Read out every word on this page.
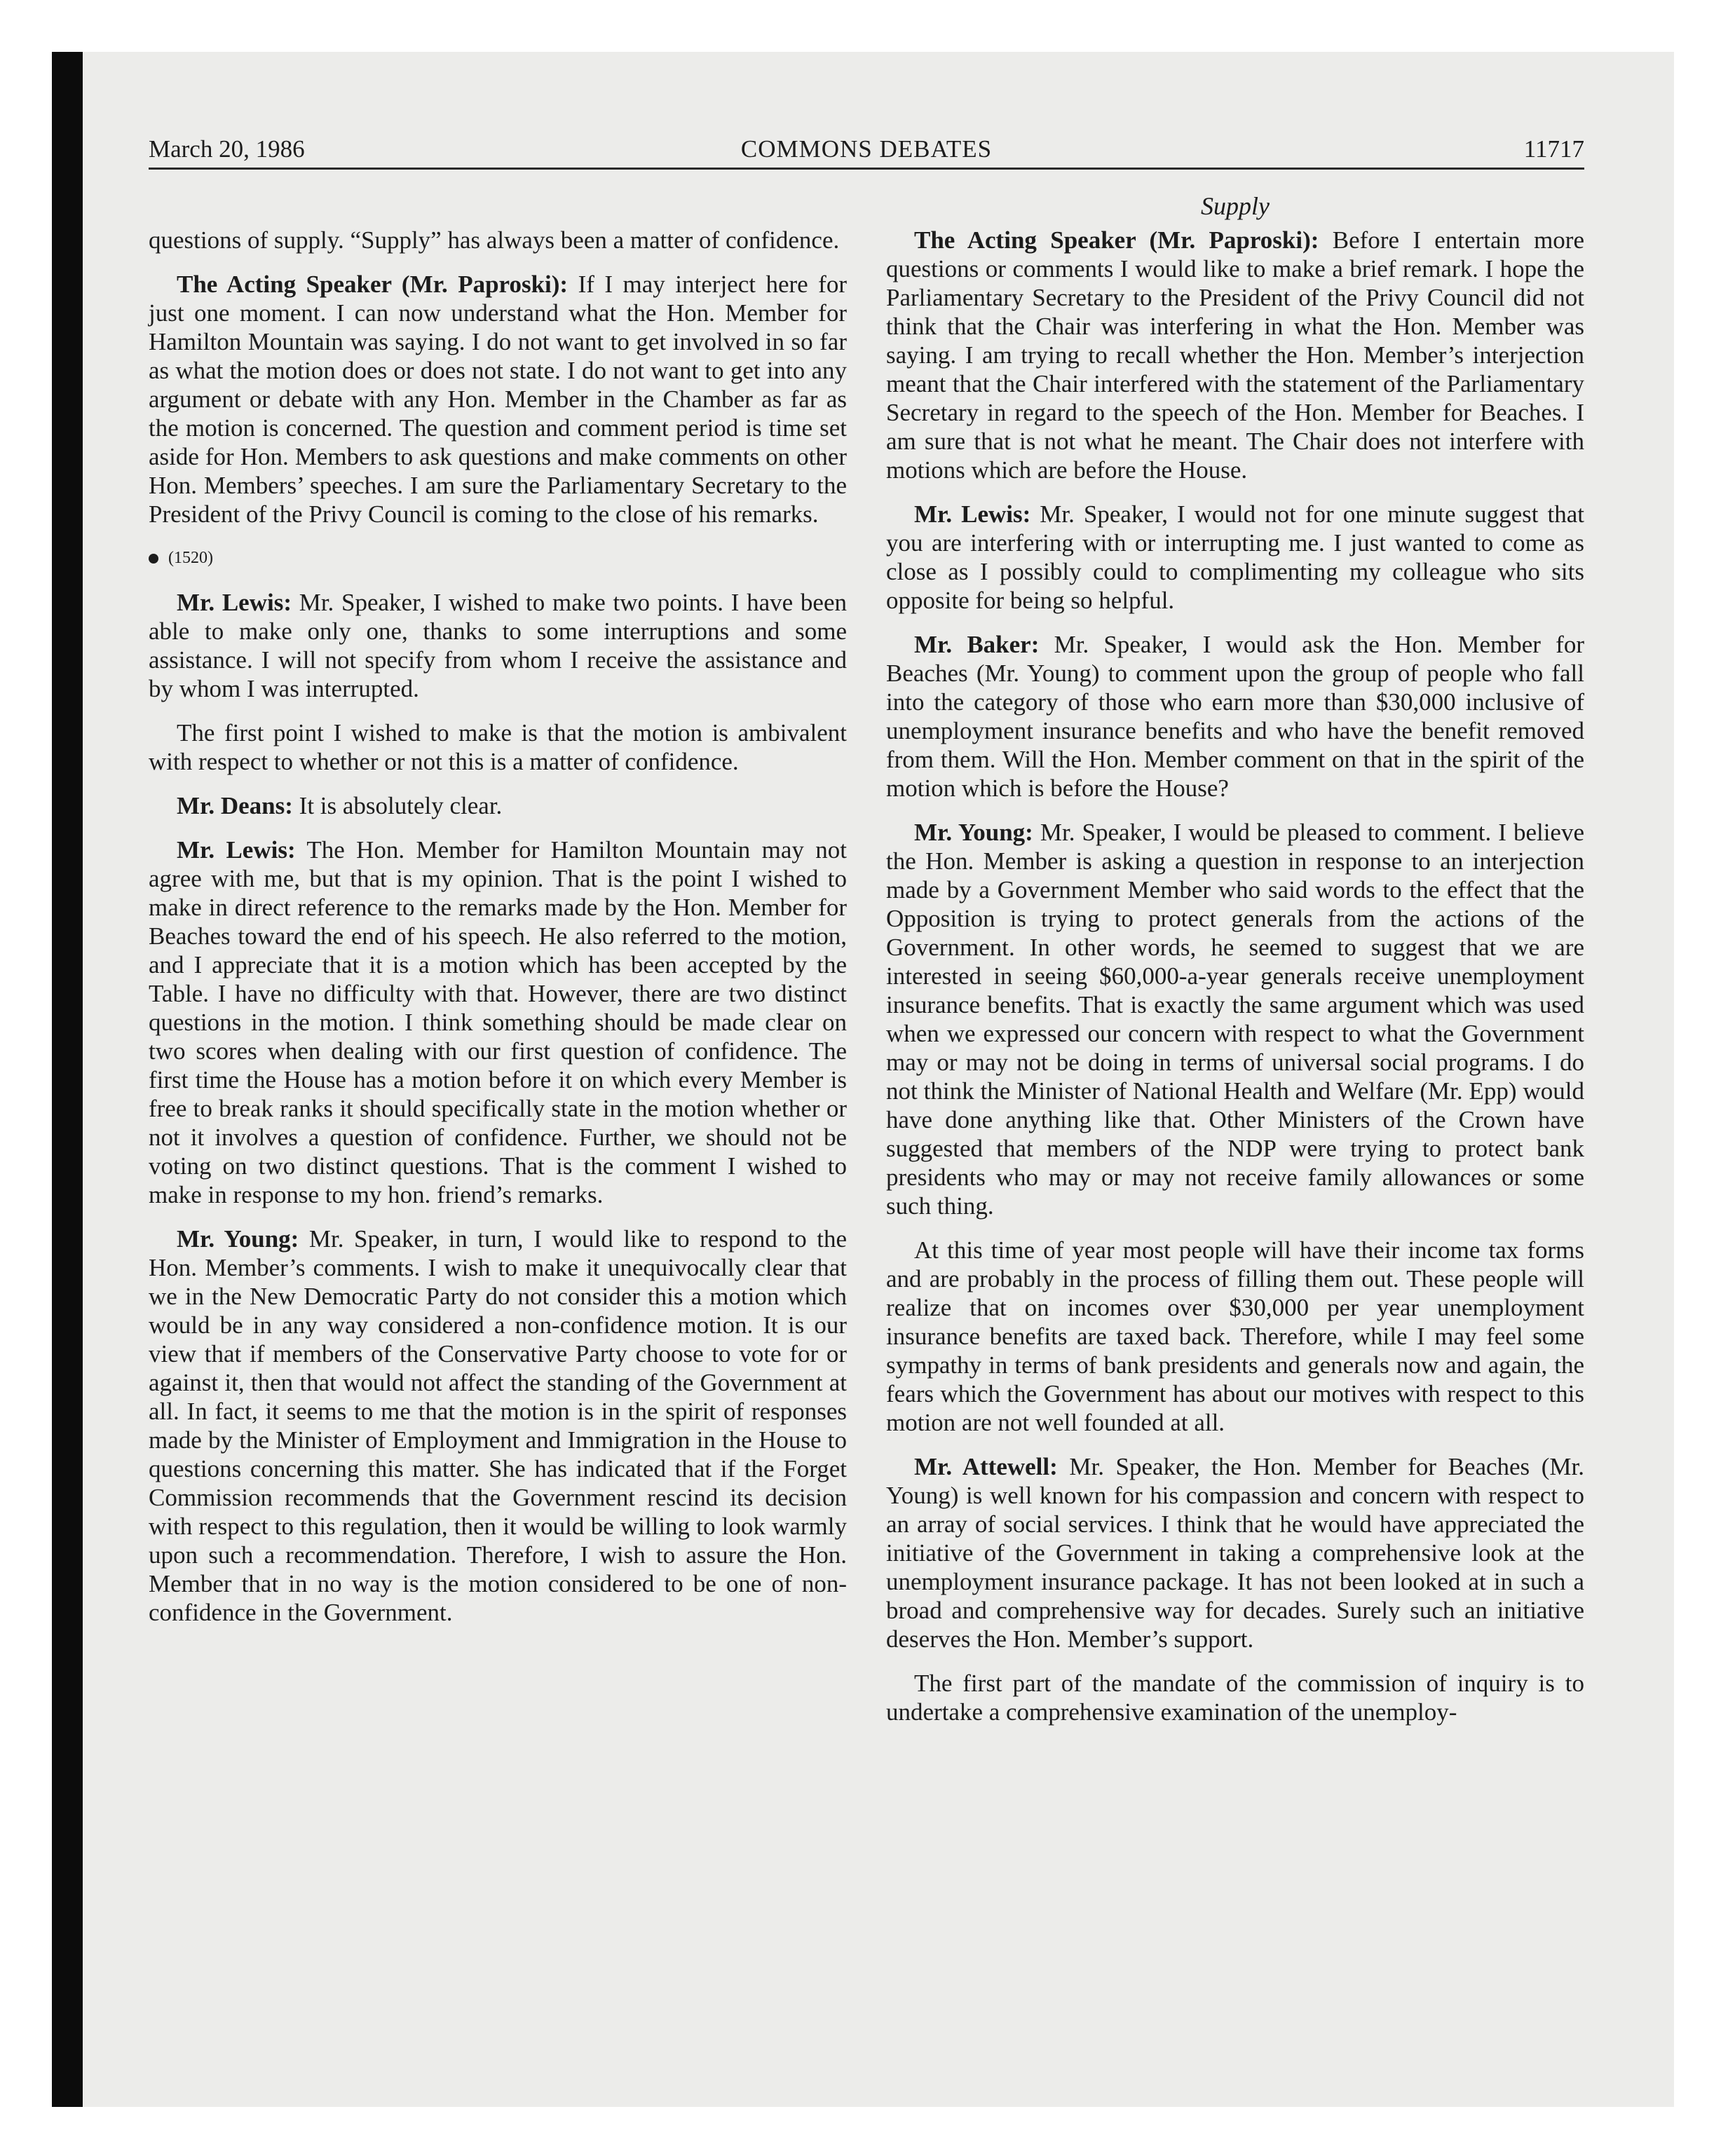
March 20, 1986	COMMONS DEBATES	11717

questions of supply. “Supply” has always been a matter of confidence.

The Acting Speaker (Mr. Paproski): If I may interject here for just one moment. I can now understand what the Hon. Member for Hamilton Mountain was saying. I do not want to get involved in so far as what the motion does or does not state. I do not want to get into any argument or debate with any Hon. Member in the Chamber as far as the motion is concerned. The question and comment period is time set aside for Hon. Members to ask questions and make comments on other Hon. Members’ speeches. I am sure the Parliamentary Secretary to the President of the Privy Council is coming to the close of his remarks.

(1520)

Mr. Lewis: Mr. Speaker, I wished to make two points. I have been able to make only one, thanks to some interruptions and some assistance. I will not specify from whom I receive the assistance and by whom I was interrupted.

The first point I wished to make is that the motion is ambivalent with respect to whether or not this is a matter of confidence.

Mr. Deans: It is absolutely clear.

Mr. Lewis: The Hon. Member for Hamilton Mountain may not agree with me, but that is my opinion. That is the point I wished to make in direct reference to the remarks made by the Hon. Member for Beaches toward the end of his speech. He also referred to the motion, and I appreciate that it is a motion which has been accepted by the Table. I have no difficulty with that. However, there are two distinct questions in the motion. I think something should be made clear on two scores when dealing with our first question of confidence. The first time the House has a motion before it on which every Member is free to break ranks it should specifically state in the motion whether or not it involves a question of confidence. Further, we should not be voting on two distinct questions. That is the comment I wished to make in response to my hon. friend’s remarks.

Mr. Young: Mr. Speaker, in turn, I would like to respond to the Hon. Member’s comments. I wish to make it unequivocally clear that we in the New Democratic Party do not consider this a motion which would be in any way considered a non-confidence motion. It is our view that if members of the Conservative Party choose to vote for or against it, then that would not affect the standing of the Government at all. In fact, it seems to me that the motion is in the spirit of responses made by the Minister of Employment and Immigration in the House to questions concerning this matter. She has indicated that if the Forget Commission recommends that the Government rescind its decision with respect to this regulation, then it would be willing to look warmly upon such a recommendation. Therefore, I wish to assure the Hon. Member that in no way is the motion considered to be one of non-confidence in the Government.

Supply

The Acting Speaker (Mr. Paproski): Before I entertain more questions or comments I would like to make a brief remark. I hope the Parliamentary Secretary to the President of the Privy Council did not think that the Chair was interfering in what the Hon. Member was saying. I am trying to recall whether the Hon. Member’s interjection meant that the Chair interfered with the statement of the Parliamentary Secretary in regard to the speech of the Hon. Member for Beaches. I am sure that is not what he meant. The Chair does not interfere with motions which are before the House.

Mr. Lewis: Mr. Speaker, I would not for one minute suggest that you are interfering with or interrupting me. I just wanted to come as close as I possibly could to complimenting my colleague who sits opposite for being so helpful.

Mr. Baker: Mr. Speaker, I would ask the Hon. Member for Beaches (Mr. Young) to comment upon the group of people who fall into the category of those who earn more than $30,000 inclusive of unemployment insurance benefits and who have the benefit removed from them. Will the Hon. Member comment on that in the spirit of the motion which is before the House?

Mr. Young: Mr. Speaker, I would be pleased to comment. I believe the Hon. Member is asking a question in response to an interjection made by a Government Member who said words to the effect that the Opposition is trying to protect generals from the actions of the Government. In other words, he seemed to suggest that we are interested in seeing $60,000-a-year generals receive unemployment insurance benefits. That is exactly the same argument which was used when we expressed our concern with respect to what the Government may or may not be doing in terms of universal social programs. I do not think the Minister of National Health and Welfare (Mr. Epp) would have done anything like that. Other Ministers of the Crown have suggested that members of the NDP were trying to protect bank presidents who may or may not receive family allowances or some such thing.

At this time of year most people will have their income tax forms and are probably in the process of filling them out. These people will realize that on incomes over $30,000 per year unemployment insurance benefits are taxed back. Therefore, while I may feel some sympathy in terms of bank presidents and generals now and again, the fears which the Government has about our motives with respect to this motion are not well founded at all.

Mr. Attewell: Mr. Speaker, the Hon. Member for Beaches (Mr. Young) is well known for his compassion and concern with respect to an array of social services. I think that he would have appreciated the initiative of the Government in taking a comprehensive look at the unemployment insurance package. It has not been looked at in such a broad and comprehensive way for decades. Surely such an initiative deserves the Hon. Member’s support.

The first part of the mandate of the commission of inquiry is to undertake a comprehensive examination of the unemploy-
